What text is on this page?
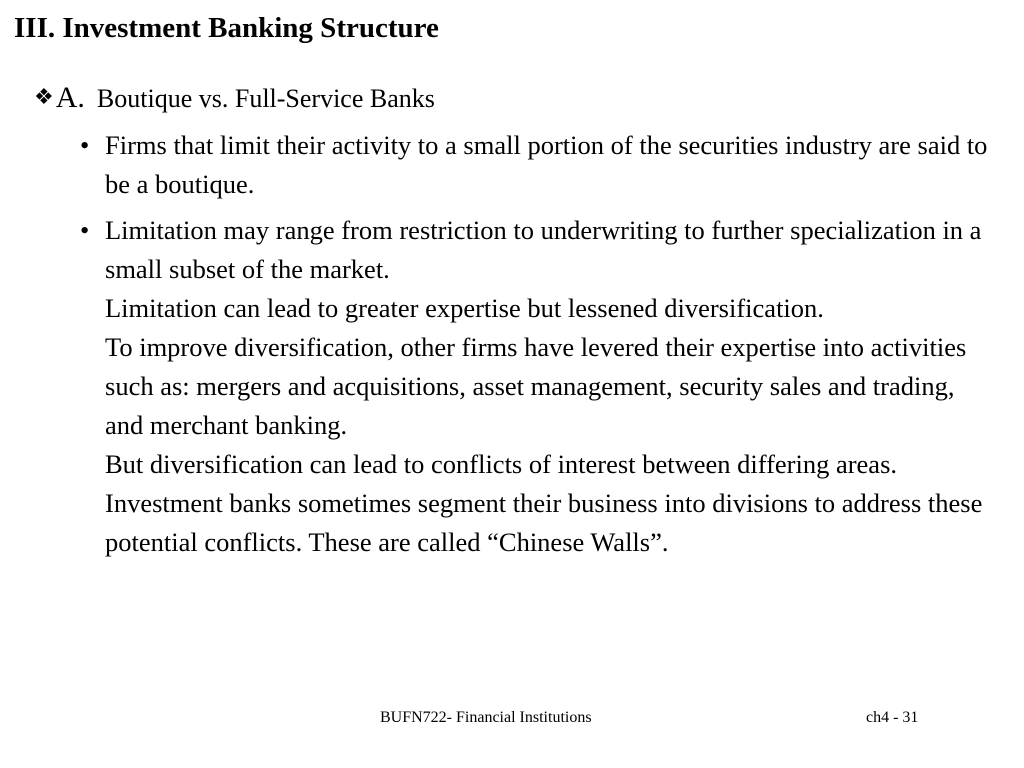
III. Investment Banking Structure
❖A. Boutique vs. Full-Service Banks
• Firms that limit their activity to a small portion of the securities industry are said to be a boutique.
• Limitation may range from restriction to underwriting to further specialization in a small subset of the market.
Limitation can lead to greater expertise but lessened diversification.
To improve diversification, other firms have levered their expertise into activities such as: mergers and acquisitions, asset management, security sales and trading, and merchant banking.
But diversification can lead to conflicts of interest between differing areas.
Investment banks sometimes segment their business into divisions to address these potential conflicts. These are called “Chinese Walls”.
BUFN722- Financial Institutions	ch4 - 31
